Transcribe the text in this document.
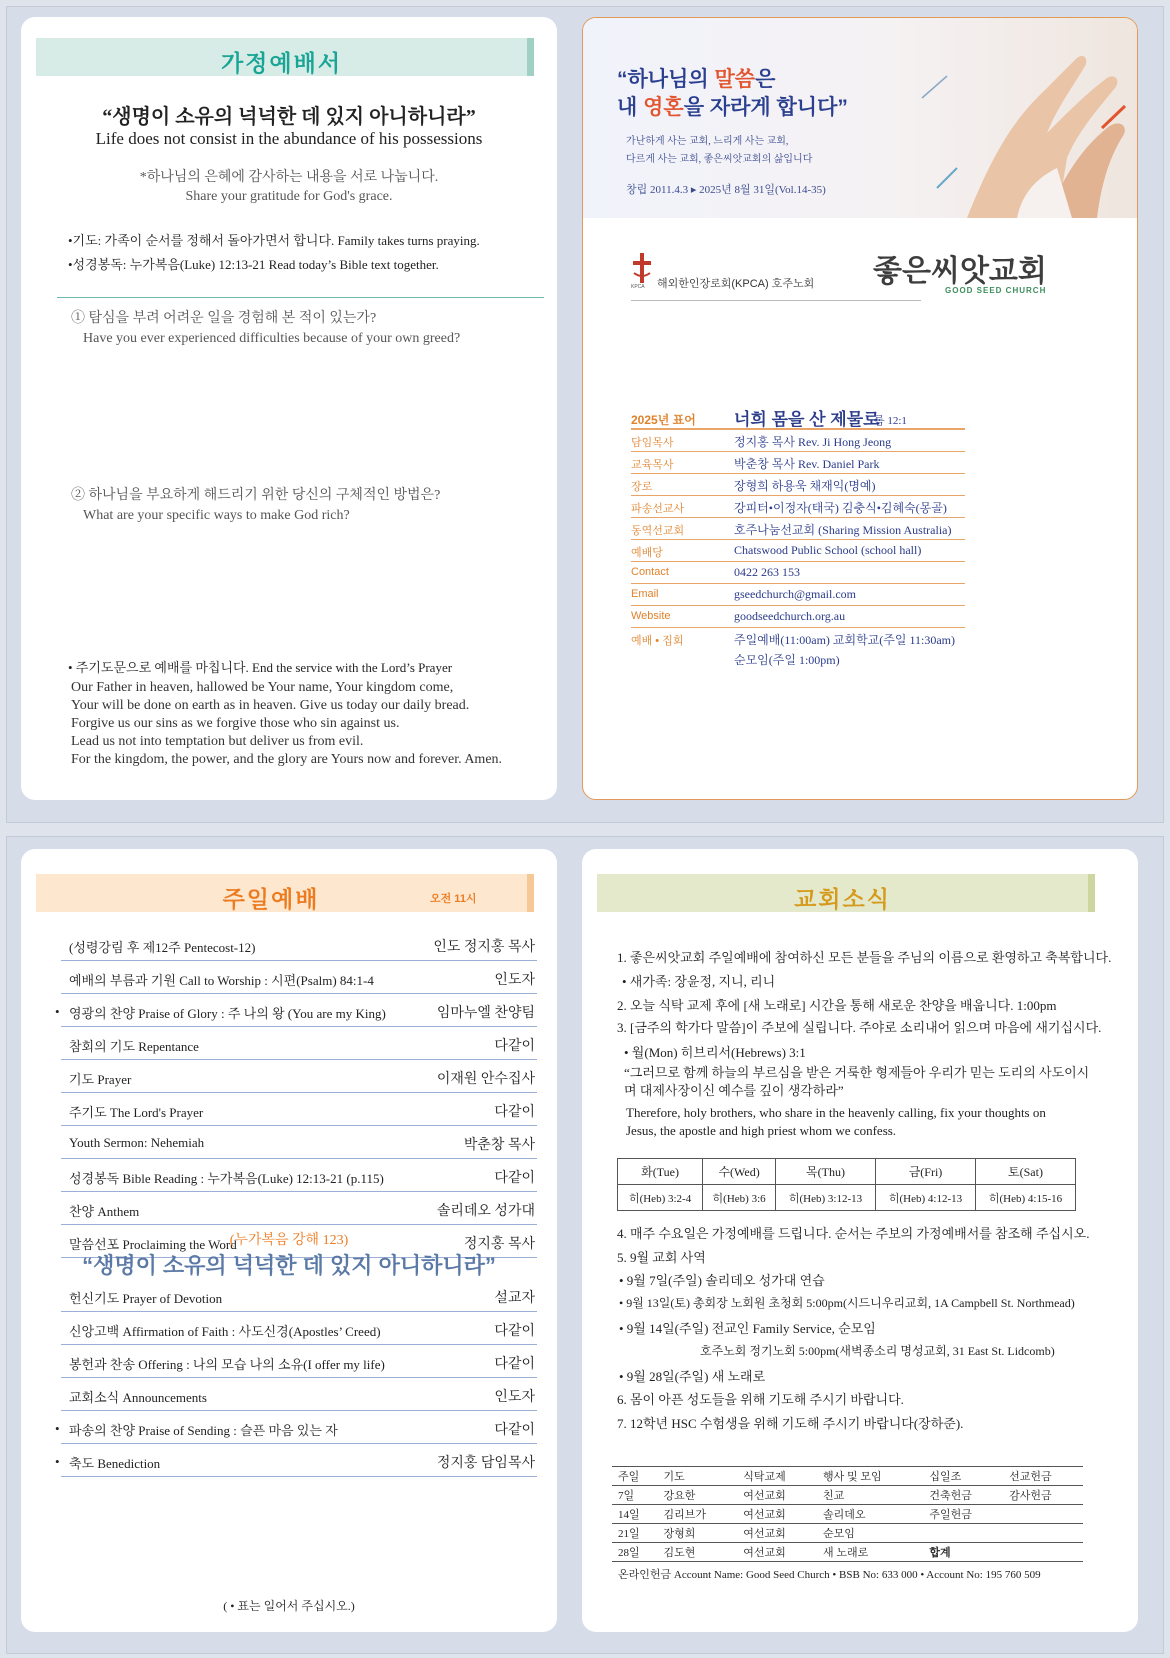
가정예배서
“생명이 소유의 넉넉한 데 있지 아니하니라”
Life does not consist in the abundance of his possessions
*하나님의 은혜에 감사하는 내용을 서로 나눕니다.
Share your gratitude for God's grace.
•기도: 가족이 순서를 정해서 돌아가면서 합니다. Family takes turns praying.
•성경봉독: 누가복음(Luke) 12:13-21 Read today’s Bible text together.
① 탐심을 부려 어려운 일을 경험해 본 적이 있는가?
Have you ever experienced difficulties because of your own greed?
② 하나님을 부요하게 해드리기 위한 당신의 구체적인 방법은?
What are your specific ways to make God rich?
• 주기도문으로 예배를 마칩니다. End the service with the Lord’s Prayer
Our Father in heaven, hallowed be Your name, Your kingdom come,
Your will be done on earth as in heaven. Give us today our daily bread.
Forgive us our sins as we forgive those who sin against us.
Lead us not into temptation but deliver us from evil.
For the kingdom, the power, and the glory are Yours now and forever. Amen.
“하나님의 말씀은
내 영혼을 자라게 합니다”
가난하게 사는 교회, 느리게 사는 교회,
다르게 사는 교회, 좋은씨앗교회의 삶입니다
창립 2011.4.3 ▸ 2025년 8월 31일(Vol.14-35)
KPCA 해외한인장로회(KPCA) 호주노회 좋은씨앗교회
GOOD SEED CHURCH
2025년 표어 너희 몸을 산 제물로
롬 12:1
담임목사	정지홍 목사 Rev. Ji Hong Jeong
교육목사	박춘창 목사 Rev. Daniel Park
장로	장형희 하용욱 채재익(명예)
파송선교사	강피터•이정자(태국) 김충식•김혜숙(몽골)
동역선교회	호주나눔선교회 (Sharing Mission Australia)
예배당	Chatswood Public School (school hall)
Contact	0422 263 153
Email	gseedchurch@gmail.com
Website	goodseedchurch.org.au
예배 • 집회	주일예배(11:00am) 교회학교(주일 11:30am)
순모임(주일 1:00pm)
주일예배	오전 11시
(성령강림 후 제12주 Pentecost-12)	인도 정지홍 목사
예배의 부름과 기원 Call to Worship : 시편(Psalm) 84:1-4	인도자
• 영광의 찬양 Praise of Glory : 주 나의 왕 (You are my King)	임마누엘 찬양팀
참회의 기도 Repentance	다같이
기도 Prayer	이재원 안수집사
주기도 The Lord's Prayer	다같이
Youth Sermon: Nehemiah	박춘창 목사
성경봉독 Bible Reading : 누가복음(Luke) 12:13-21 (p.115)	다같이
찬양 Anthem	솔리데오 성가대
말씀선포 Proclaiming the Word	정지홍 목사
(누가복음 강해 123)
“생명이 소유의 넉넉한 데 있지 아니하니라”
헌신기도 Prayer of Devotion	설교자
신앙고백 Affirmation of Faith : 사도신경(Apostles’ Creed)	다같이
봉헌과 찬송 Offering : 나의 모습 나의 소유(I offer my life)	다같이
교회소식 Announcements	인도자
• 파송의 찬양 Praise of Sending : 슬픈 마음 있는 자	다같이
• 축도 Benediction	정지홍 담임목사
( • 표는 일어서 주십시오.)
교회소식
1. 좋은씨앗교회 주일예배에 참여하신 모든 분들을 주님의 이름으로 환영하고 축복합니다.
• 새가족: 장윤정, 지니, 리니
2. 오늘 식탁 교제 후에 [새 노래로] 시간을 통해 새로운 찬양을 배웁니다. 1:00pm
3. [금주의 학가다 말씀]이 주보에 실립니다. 주야로 소리내어 읽으며 마음에 새기십시다.
• 월(Mon) 히브리서(Hebrews) 3:1
“그러므로 함께 하늘의 부르심을 받은 거룩한 형제들아 우리가 믿는 도리의 사도이시며 대제사장이신 예수를 깊이 생각하라”
Therefore, holy brothers, who share in the heavenly calling, fix your thoughts on Jesus, the apostle and high priest whom we confess.
화(Tue)	수(Wed)	목(Thu)	금(Fri)	토(Sat)
히(Heb) 3:2-4	히(Heb) 3:6	히(Heb) 3:12-13	히(Heb) 4:12-13	히(Heb) 4:15-16
4. 매주 수요일은 가정예배를 드립니다. 순서는 주보의 가정예배서를 참조해 주십시오.
5. 9월 교회 사역
• 9월 7일(주일) 솔리데오 성가대 연습
• 9월 13일(토) 총회장 노회원 초청회 5:00pm(시드니우리교회, 1A Campbell St. Northmead)
• 9월 14일(주일) 전교인 Family Service, 순모임
호주노회 정기노회 5:00pm(새벽종소리 명성교회, 31 East St. Lidcomb)
• 9월 28일(주일) 새 노래로
6. 몸이 아픈 성도들을 위해 기도해 주시기 바랍니다.
7. 12학년 HSC 수험생을 위해 기도해 주시기 바랍니다(장하준).
주일	기도	식탁교제	행사 및 모임	십일조	선교헌금
7일	강요한	여선교회	친교	건축헌금	감사헌금
14일	김리브가	여선교회	솔리데오	주일헌금	
21일	장형희	여선교회	순모임		
28일	김도현	여선교회	새 노래로	합계	
온라인헌금 Account Name: Good Seed Church • BSB No: 633 000 • Account No: 195 760 509
